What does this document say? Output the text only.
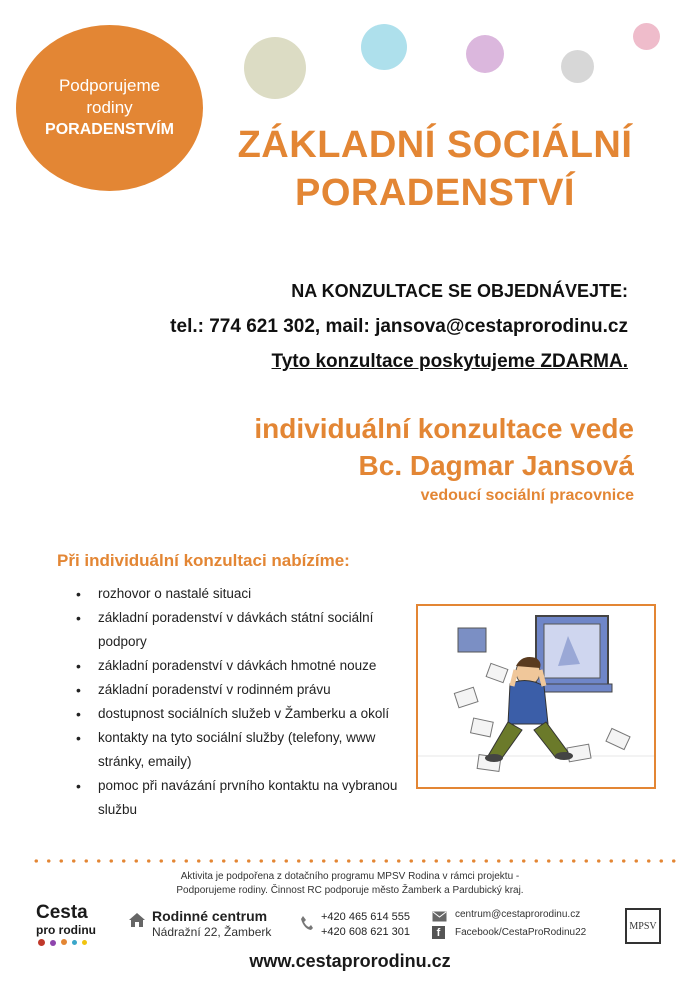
Podporujeme
rodiny
PORADENSTVÍM	ZÁKLADNÍ SOCIÁLNÍ
PORADENSTVÍ
NA KONZULTACE SE OBJEDNÁVEJTE:
tel.: 774 621 302, mail: jansova@cestaprorodinu.cz
Tyto konzultace poskytujeme ZDARMA.
individuální konzultace vede
Bc. Dagmar Jansová
vedoucí sociální pracovnice
Při individuální konzultaci nabízíme:
• rozhovor o nastalé situaci
• základní poradenství v dávkách státní sociální podpory
• základní poradenství v dávkách hmotné nouze
• základní poradenství v rodinném právu
• dostupnost sociálních služeb v Žamberku a okolí
• kontakty na tyto sociální služby (telefony, www stránky, emaily)
• pomoc při navázání prvního kontaktu na vybranou službu
Aktivita je podpořena z dotačního programu MPSV Rodina v rámci projektu -
Podporujeme rodiny. Činnost RC podporuje město Žamberk a Pardubický kraj.
Cesta
pro rodinu
Rodinné centrum
Nádražní 22, Žamberk
+420 465 614 555
+420 608 621 301
centrum@cestaprorodinu.cz
f	Facebook/CestaProRodinu22
MPSV
www.cestaprorodinu.cz
